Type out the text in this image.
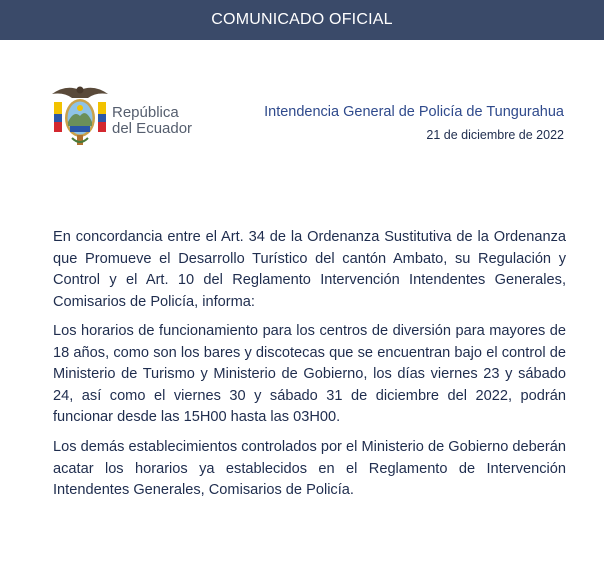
COMUNICADO OFICIAL
República
del Ecuador
Intendencia General de Policía de Tungurahua
21 de diciembre de 2022

En concordancia entre el Art. 34 de la Ordenanza Sustitutiva de la Ordenanza que Promueve el Desarrollo Turístico del cantón Ambato, su Regulación y Control y el Art. 10 del Reglamento Intervención Intendentes Generales, Comisarios de Policía, informa:

Los horarios de funcionamiento para los centros de diversión para mayores de 18 años, como son los bares y discotecas que se encuentran bajo el control de Ministerio de Turismo y Ministerio de Gobierno, los días viernes 23 y sábado 24, así como el viernes 30 y sábado 31 de diciembre del 2022, podrán funcionar desde las 15H00 hasta las 03H00.

Los demás establecimientos controlados por el Ministerio de Gobierno deberán acatar los horarios ya establecidos en el Reglamento de Intervención Intendentes Generales, Comisarios de Policía.
